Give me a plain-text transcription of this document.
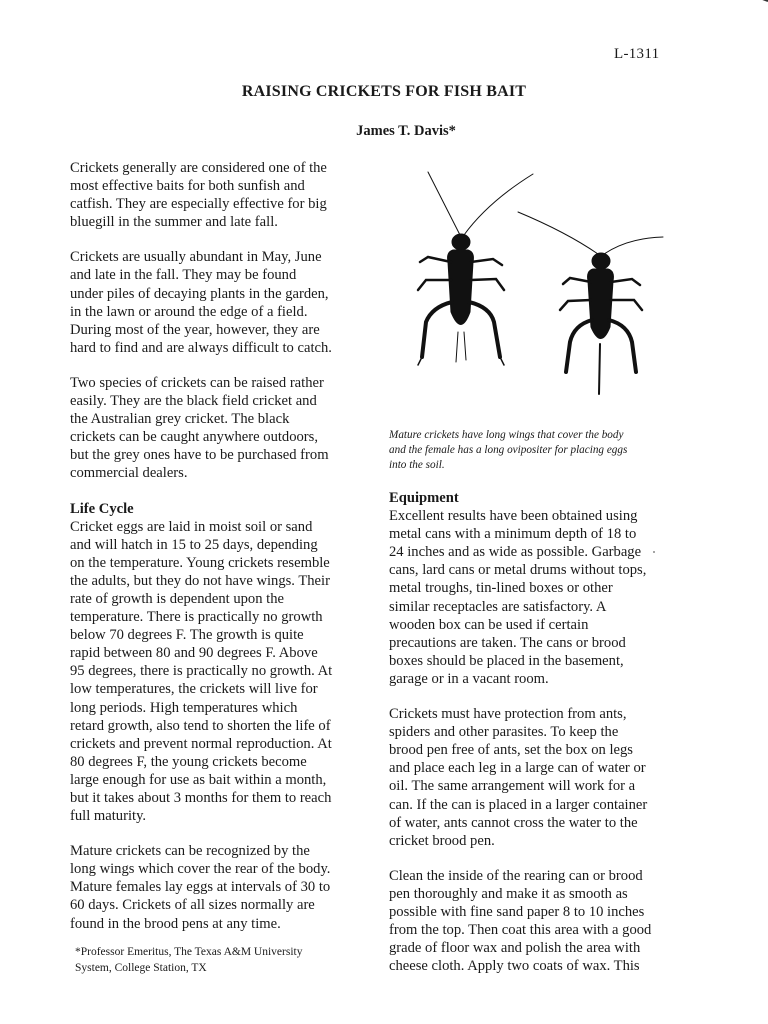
L-1311
RAISING CRICKETS FOR FISH BAIT
James T. Davis*

Crickets generally are considered one of the
most effective baits for both sunfish and
catfish. They are especially effective for big
bluegill in the summer and late fall.

Crickets are usually abundant in May, June
and late in the fall. They may be found
under piles of decaying plants in the garden,
in the lawn or around the edge of a field.
During most of the year, however, they are
hard to find and are always difficult to catch.

Two species of crickets can be raised rather
easily. They are the black field cricket and
the Australian grey cricket. The black
crickets can be caught anywhere outdoors,
but the grey ones have to be purchased from
commercial dealers.

Life Cycle

Cricket eggs are laid in moist soil or sand
and will hatch in 15 to 25 days, depending
on the temperature. Young crickets resemble
the adults, but they do not have wings. Their
rate of growth is dependent upon the
temperature. There is practically no growth
below 70 degrees F. The growth is quite
rapid between 80 and 90 degrees F. Above
95 degrees, there is practically no growth. At
low temperatures, the crickets will live for
long periods. High temperatures which
retard growth, also tend to shorten the life of
crickets and prevent normal reproduction. At
80 degrees F, the young crickets become
large enough for use as bait within a month,
but it takes about 3 months for them to reach
full maturity.

Mature crickets can be recognized by the
long wings which cover the rear of the body.
Mature females lay eggs at intervals of 30 to
60 days. Crickets of all sizes normally are
found in the brood pens at any time.

*Professor Emeritus, The Texas A&M University
System, College Station, TX
Mature crickets have long wings that cover the body
and the female has a long ovipositer for placing eggs
into the soil.

Equipment

Excellent results have been obtained using
metal cans with a minimum depth of 18 to
24 inches and as wide as possible. Garbage
cans, lard cans or metal drums without tops,
metal troughs, tin-lined boxes or other
similar receptacles are satisfactory. A
wooden box can be used if certain
precautions are taken. The cans or brood
boxes should be placed in the basement,
garage or in a vacant room.

Crickets must have protection from ants,
spiders and other parasites. To keep the
brood pen free of ants, set the box on legs
and place each leg in a large can of water or
oil. The same arrangement will work for a
can. If the can is placed in a larger container
of water, ants cannot cross the water to the
cricket brood pen.

Clean the inside of the rearing can or brood
pen thoroughly and make it as smooth as
possible with fine sand paper 8 to 10 inches
from the top. Then coat this area with a good
grade of floor wax and polish the area with
cheese cloth. Apply two coats of wax. This
